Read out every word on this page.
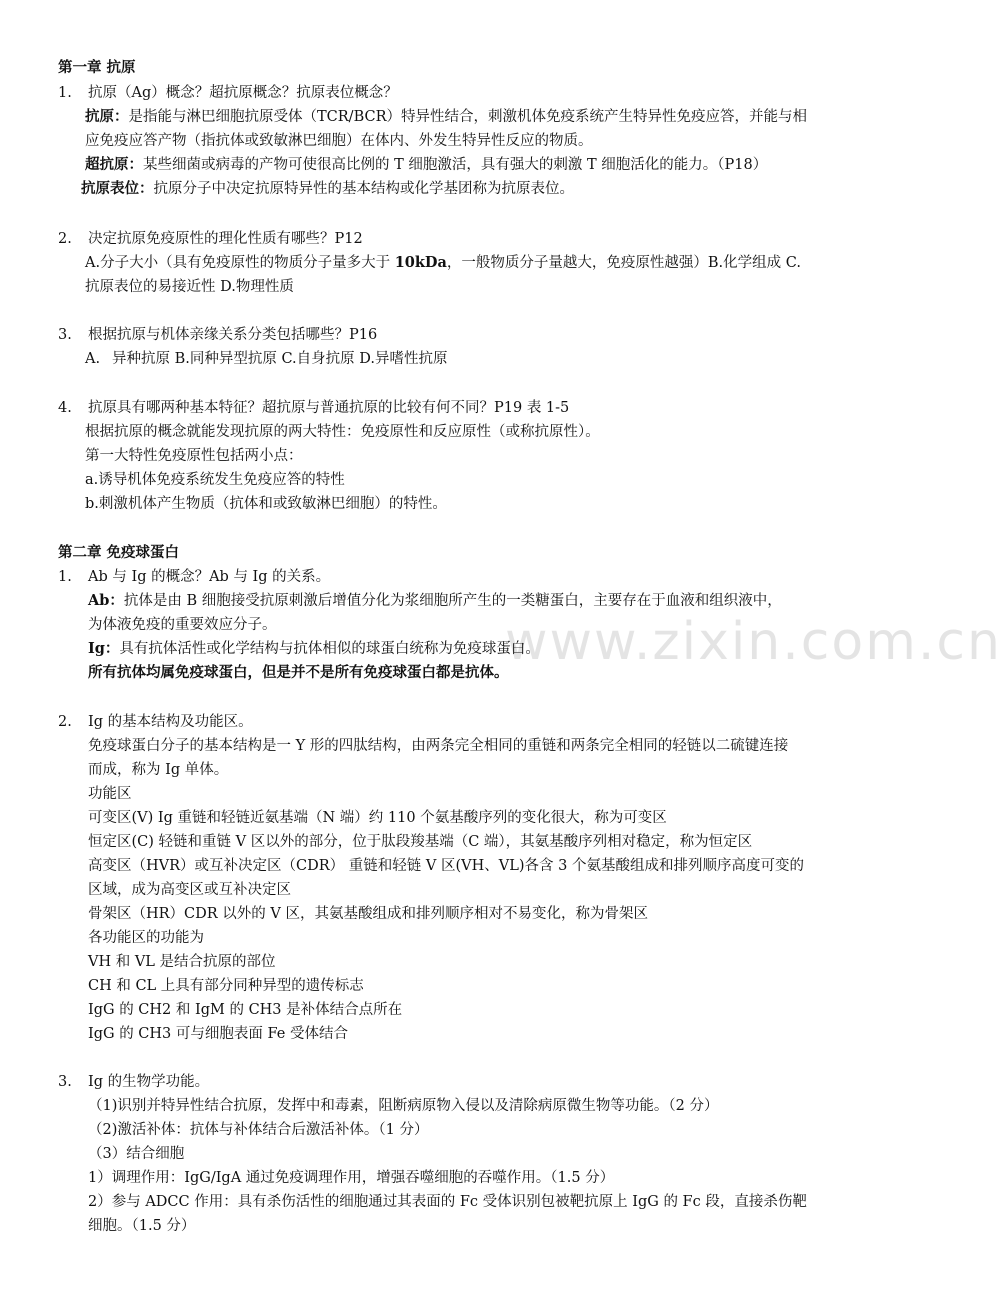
www.zixin.com.cn
第一章 抗原
1. 抗原（Ag）概念？超抗原概念？抗原表位概念？
抗原：是指能与淋巴细胞抗原受体（TCR/BCR）特异性结合，刺激机体免疫系统产生特异性免疫应答，并能与相
应免疫应答产物（指抗体或致敏淋巴细胞）在体内、外发生特异性反应的物质。
超抗原：某些细菌或病毒的产物可使很高比例的 T 细胞激活，具有强大的刺激 T 细胞活化的能力。（P18）
抗原表位：抗原分子中决定抗原特异性的基本结构或化学基团称为抗原表位。
2. 决定抗原免疫原性的理化性质有哪些？P12
A.分子大小（具有免疫原性的物质分子量多大于 10kDa，一般物质分子量越大，免疫原性越强）B.化学组成 C.
抗原表位的易接近性 D.物理性质
3. 根据抗原与机体亲缘关系分类包括哪些？P16
A. 异种抗原 B.同种异型抗原 C.自身抗原 D.异嗜性抗原
4. 抗原具有哪两种基本特征？超抗原与普通抗原的比较有何不同？P19 表 1-5
根据抗原的概念就能发现抗原的两大特性：免疫原性和反应原性（或称抗原性）。
第一大特性免疫原性包括两小点：
a.诱导机体免疫系统发生免疫应答的特性
b.刺激机体产生物质（抗体和或致敏淋巴细胞）的特性。
第二章 免疫球蛋白
1. Ab 与 Ig 的概念？Ab 与 Ig 的关系。
Ab：抗体是由 B 细胞接受抗原刺激后增值分化为浆细胞所产生的一类糖蛋白，主要存在于血液和组织液中，
为体液免疫的重要效应分子。
Ig：具有抗体活性或化学结构与抗体相似的球蛋白统称为免疫球蛋白。
所有抗体均属免疫球蛋白，但是并不是所有免疫球蛋白都是抗体。
2. Ig 的基本结构及功能区。
免疫球蛋白分子的基本结构是一 Y 形的四肽结构，由两条完全相同的重链和两条完全相同的轻链以二硫键连接
而成，称为 Ig 单体。
功能区
可变区(V) Ig 重链和轻链近氨基端（N 端）约 110 个氨基酸序列的变化很大，称为可变区
恒定区(C) 轻链和重链 V 区以外的部分，位于肽段羧基端（C 端），其氨基酸序列相对稳定，称为恒定区
高变区（HVR）或互补决定区（CDR） 重链和轻链 V 区(VH、VL)各含 3 个氨基酸组成和排列顺序高度可变的
区域，成为高变区或互补决定区
骨架区（HR）CDR 以外的 V 区，其氨基酸组成和排列顺序相对不易变化，称为骨架区
各功能区的功能为
VH 和 VL 是结合抗原的部位
CH 和 CL 上具有部分同种异型的遗传标志
IgG 的 CH2 和 IgM 的 CH3 是补体结合点所在
IgG 的 CH3 可与细胞表面 Fe 受体结合
3. Ig 的生物学功能。
（1)识别并特异性结合抗原，发挥中和毒素，阻断病原物入侵以及清除病原微生物等功能。（2 分）
（2)激活补体：抗体与补体结合后激活补体。（1 分）
（3）结合细胞
1）调理作用：IgG/IgA 通过免疫调理作用，增强吞噬细胞的吞噬作用。（1.5 分）
2）参与 ADCC 作用：具有杀伤活性的细胞通过其表面的 Fc 受体识别包被靶抗原上 IgG 的 Fc 段，直接杀伤靶
细胞。（1.5 分）
